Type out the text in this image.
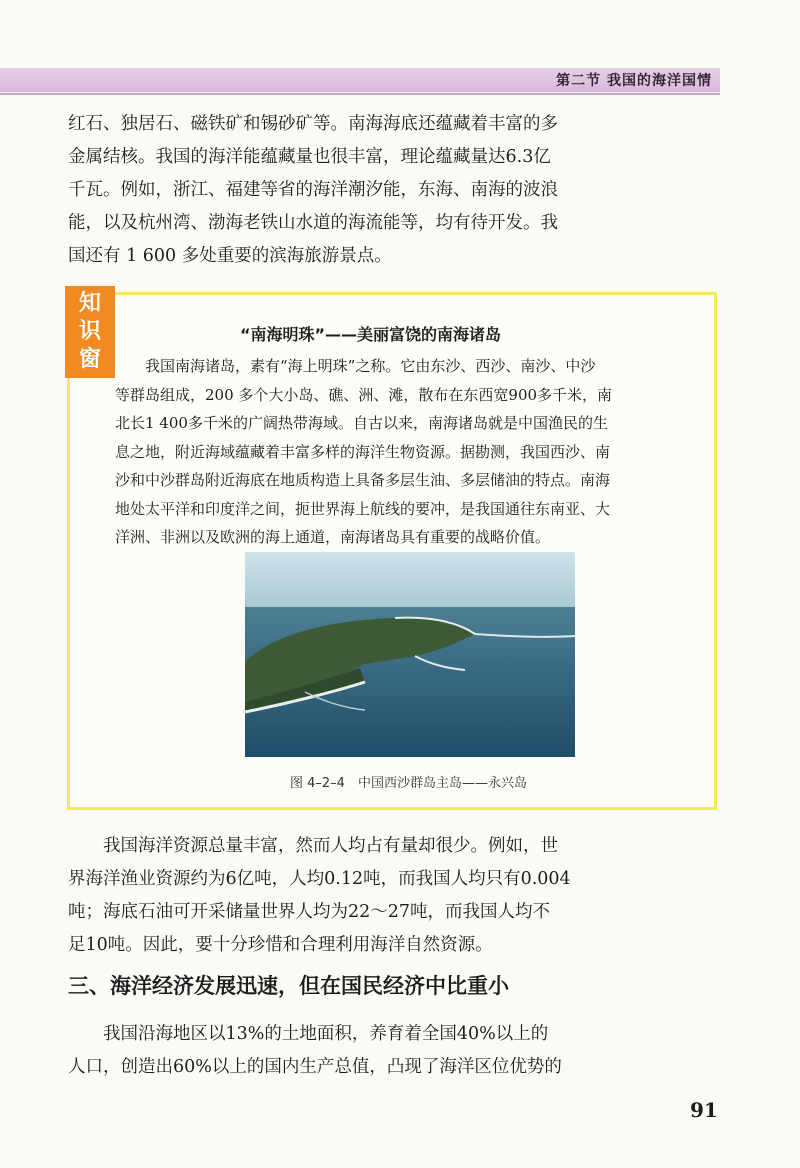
第二节 我国的海洋国情
红石、独居石、磁铁矿和锡砂矿等。南海海底还蕴藏着丰富的多
金属结核。我国的海洋能蕴藏量也很丰富，理论蕴藏量达6.3亿
千瓦。例如，浙江、福建等省的海洋潮汐能，东海、南海的波浪
能，以及杭州湾、渤海老铁山水道的海流能等，均有待开发。我
国还有 1 600 多处重要的滨海旅游景点。
知
识
窗
“南海明珠”——美丽富饶的南海诸岛
　　我国南海诸岛，素有“海上明珠”之称。它由东沙、西沙、南沙、中沙
等群岛组成，200 多个大小岛、礁、洲、滩，散布在东西宽900多千米，南
北长1 400多千米的广阔热带海域。自古以来，南海诸岛就是中国渔民的生
息之地，附近海域蕴藏着丰富多样的海洋生物资源。据勘测，我国西沙、南
沙和中沙群岛附近海底在地质构造上具备多层生油、多层储油的特点。南海
地处太平洋和印度洋之间，扼世界海上航线的要冲，是我国通往东南亚、大
洋洲、非洲以及欧洲的海上通道，南海诸岛具有重要的战略价值。
图 4–2–4　中国西沙群岛主岛——永兴岛
　　我国海洋资源总量丰富，然而人均占有量却很少。例如，世
界海洋渔业资源约为6亿吨，人均0.12吨，而我国人均只有0.004
吨；海底石油可开采储量世界人均为22～27吨，而我国人均不
足10吨。因此，要十分珍惜和合理利用海洋自然资源。
三、海洋经济发展迅速，但在国民经济中比重小
　　我国沿海地区以13%的土地面积，养育着全国40%以上的
人口，创造出60%以上的国内生产总值，凸现了海洋区位优势的
91
